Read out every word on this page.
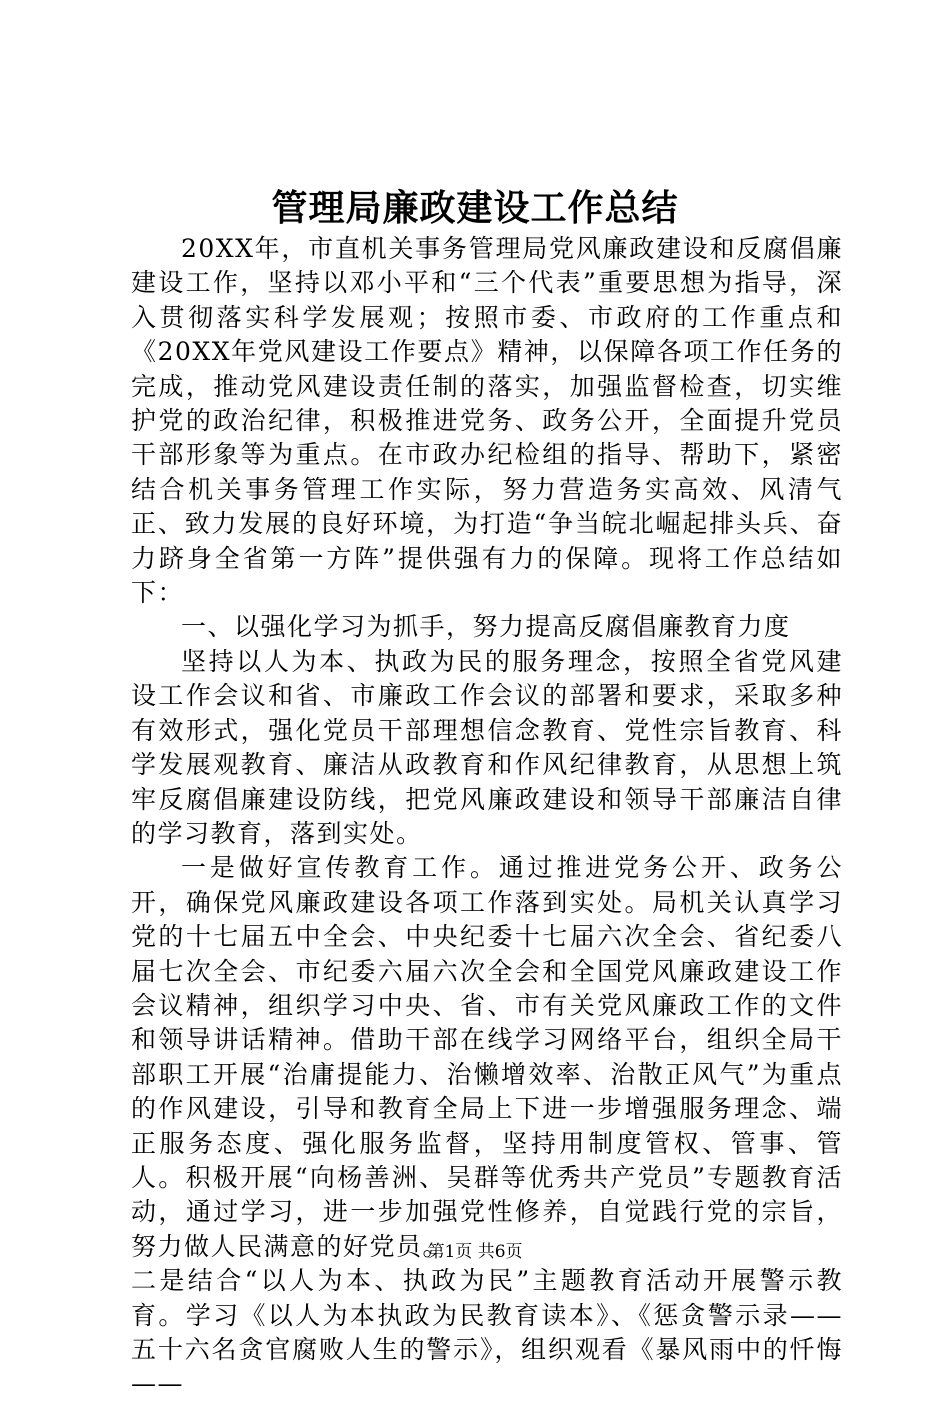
管理局廉政建设工作总结

20XX年，市直机关事务管理局党风廉政建设和反腐倡廉建设工作，坚持以邓小平和“三个代表”重要思想为指导，深入贯彻落实科学发展观；按照市委、市政府的工作重点和《20XX年党风建设工作要点》精神，以保障各项工作任务的完成，推动党风建设责任制的落实，加强监督检查，切实维护党的政治纪律，积极推进党务、政务公开，全面提升党员干部形象等为重点。在市政办纪检组的指导、帮助下，紧密结合机关事务管理工作实际，努力营造务实高效、风清气正、致力发展的良好环境，为打造“争当皖北崛起排头兵、奋力跻身全省第一方阵”提供强有力的保障。现将工作总结如下：

一、以强化学习为抓手，努力提高反腐倡廉教育力度

坚持以人为本、执政为民的服务理念，按照全省党风建设工作会议和省、市廉政工作会议的部署和要求，采取多种有效形式，强化党员干部理想信念教育、党性宗旨教育、科学发展观教育、廉洁从政教育和作风纪律教育，从思想上筑牢反腐倡廉建设防线，把党风廉政建设和领导干部廉洁自律的学习教育，落到实处。

一是做好宣传教育工作。通过推进党务公开、政务公开，确保党风廉政建设各项工作落到实处。局机关认真学习党的十七届五中全会、中央纪委十七届六次全会、省纪委八届七次全会、市纪委六届六次全会和全国党风廉政建设工作会议精神，组织学习中央、省、市有关党风廉政工作的文件和领导讲话精神。借助干部在线学习网络平台，组织全局干部职工开展“治庸提能力、治懒增效率、治散正风气”为重点的作风建设，引导和教育全局上下进一步增强服务理念、端正服务态度、强化服务监督，坚持用制度管权、管事、管人。积极开展“向杨善洲、吴群等优秀共产党员”专题教育活动，通过学习，进一步加强党性修养，自觉践行党的宗旨，努力做人民满意的好党员。

二是结合“以人为本、执政为民”主题教育活动开展警示教育。学习《以人为本执政为民教育读本》、《惩贪警示录——五十六名贪官腐败人生的警示》，组织观看《暴风雨中的忏悔——

第1页 共6页
